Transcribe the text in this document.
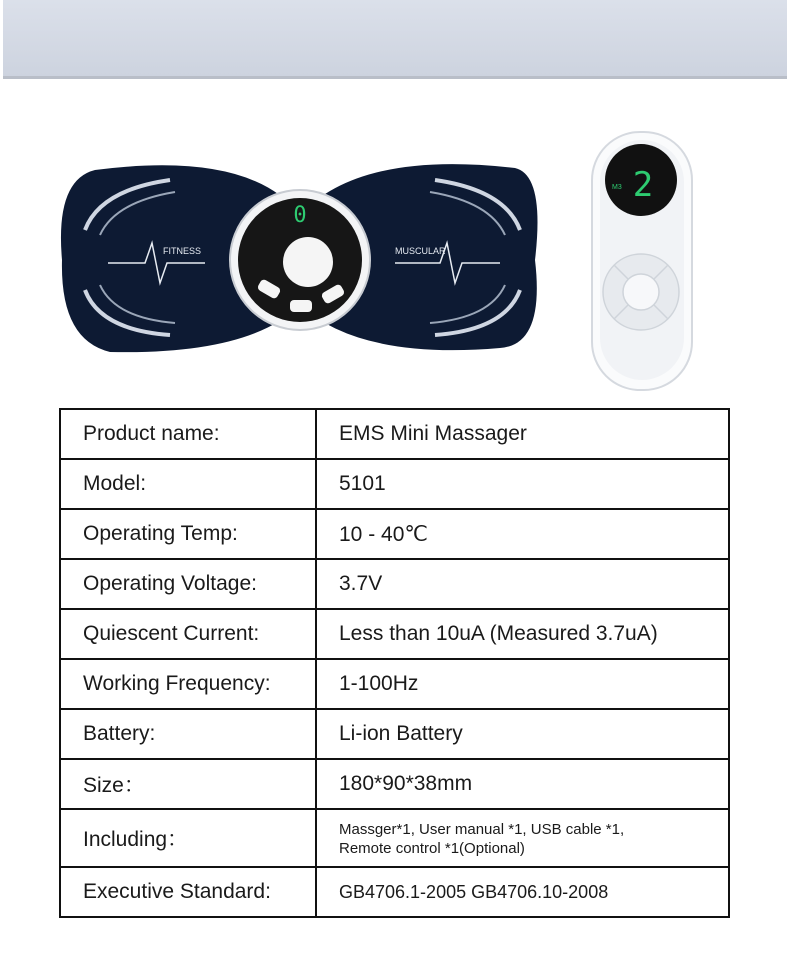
FITNESS	MUSCULAR
0
M3 2
Product name:	EMS Mini Massager
Model:	5101
Operating Temp:	10 - 40℃
Operating Voltage:	3.7V
Quiescent Current:	Less than 10uA (Measured 3.7uA)
Working Frequency:	1-100Hz
Battery:	Li-ion Battery
Size：	180*90*38mm
Including：	Massger*1, User manual *1, USB cable *1,
Remote control *1(Optional)

Executive Standard:	GB4706.1-2005 GB4706.10-2008
